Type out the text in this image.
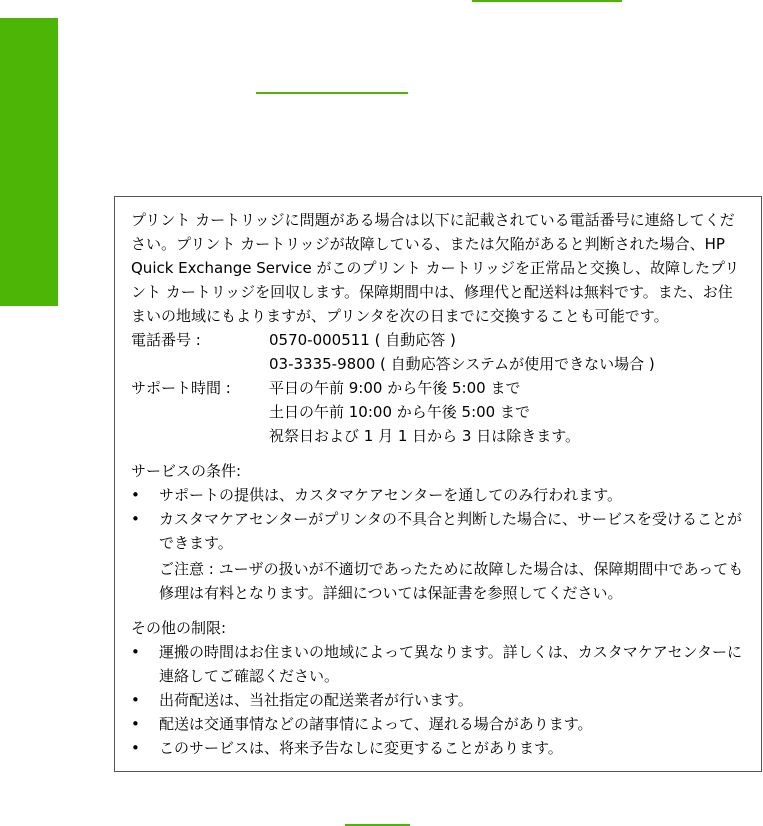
プリント カートリッジに問題がある場合は以下に記載されている電話番号に連絡してください。プリント カートリッジが故障している、または欠陥があると判断された場合、HP Quick Exchange Service がこのプリント カートリッジを正常品と交換し、故障したプリント カートリッジを回収します。保障期間中は、修理代と配送料は無料です。また、お住まいの地域にもよりますが、プリンタを次の日までに交換することも可能です。

電話番号 :	0570-000511 ( 自動応答 )
03-3335-9800 ( 自動応答システムが使用できない場合 )
サポート時間 :	平日の午前 9:00 から午後 5:00 まで
土日の午前 10:00 から午後 5:00 まで
祝祭日および 1 月 1 日から 3 日は除きます。

サービスの条件:

• サポートの提供は、カスタマケアセンターを通してのみ行われます。
• カスタマケアセンターがプリンタの不具合と判断した場合に、サービスを受けることができます。

ご注意 : ユーザの扱いが不適切であったために故障した場合は、保障期間中であっても修理は有料となります。詳細については保証書を参照してください。

その他の制限:

• 運搬の時間はお住まいの地域によって異なります。詳しくは、カスタマケアセンターに連絡してご確認ください。
• 出荷配送は、当社指定の配送業者が行います。
• 配送は交通事情などの諸事情によって、遅れる場合があります。
• このサービスは、将来予告なしに変更することがあります。
